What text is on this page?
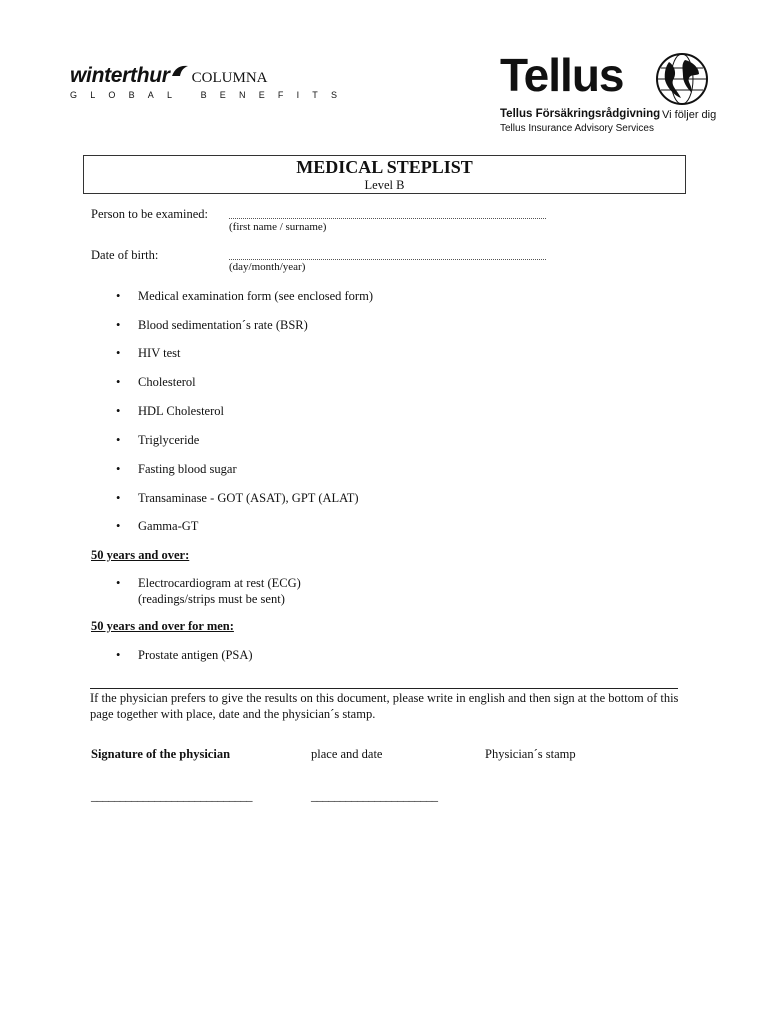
winterthur COLUMNA
GLOBAL BENEFITS	Tellus
Tellus Försäkringsrådgivning Vi följer dig
Tellus Insurance Advisory Services
MEDICAL STEPLIST
Level B
Person to be examined:
(first name / surname)
Date of birth:
(day/month/year)
•	Medical examination form (see enclosed form)
•	Blood sedimentation´s rate (BSR)
•	HIV test
•	Cholesterol
•	HDL Cholesterol
•	Triglyceride
•	Fasting blood sugar
•	Transaminase - GOT (ASAT), GPT (ALAT)
•	Gamma-GT
50 years and over:
•	Electrocardiogram at rest (ECG)
(readings/strips must be sent)
50 years and over for men:
•	Prostate antigen (PSA)
If the physician prefers to give the results on this document, please write in english and then sign at the bottom of this page together with place, date and the physician´s stamp.
Signature of the physician	place and date	Physician´s stamp
____________________________	______________________
